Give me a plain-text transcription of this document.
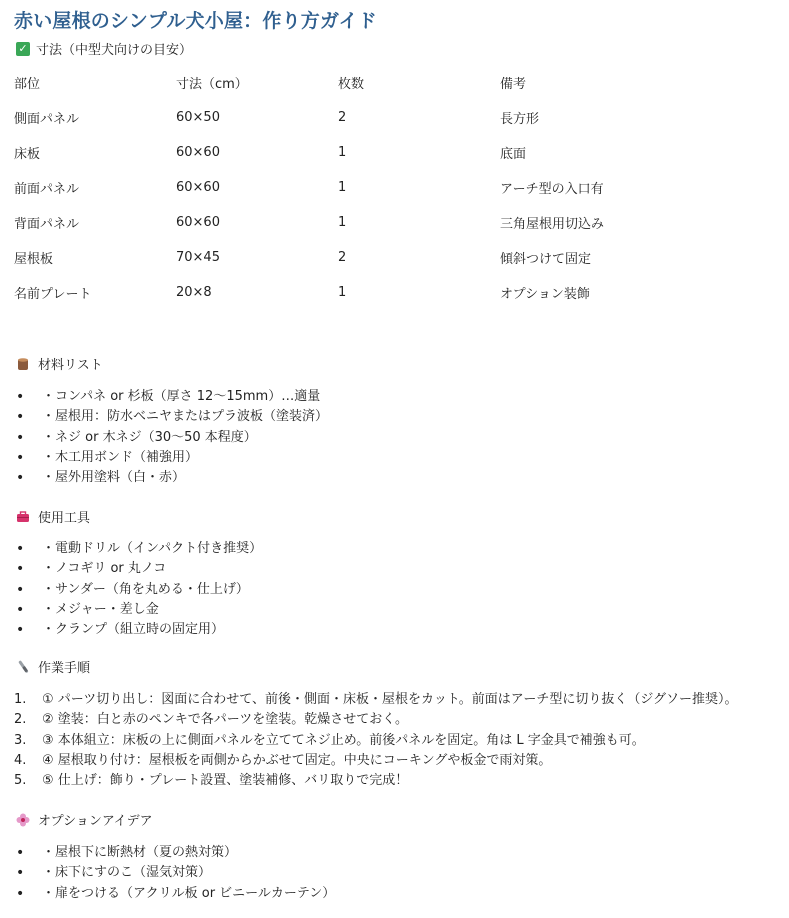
赤い屋根のシンプル犬小屋：作り方ガイド
✓ 寸法（中型犬向けの目安）
部位	寸法（cm）	枚数	備考
側面パネル	60×50	2	長方形
床板	60×60	1	底面
前面パネル	60×60	1	アーチ型の入口有
背面パネル	60×60	1	三角屋根用切込み
屋根板	70×45	2	傾斜つけて固定
名前プレート	20×8	1	オプション装飾
材料リスト
・コンパネ or 杉板（厚さ 12〜15mm）…適量
・屋根用：防水ベニヤまたはプラ波板（塗装済）
・ネジ or 木ネジ（30〜50 本程度）
・木工用ボンド（補強用）
・屋外用塗料（白・赤）
使用工具
・電動ドリル（インパクト付き推奨）
・ノコギリ or 丸ノコ
・サンダー（角を丸める・仕上げ）
・メジャー・差し金
・クランプ（組立時の固定用）
作業手順
1. ① パーツ切り出し：図面に合わせて、前後・側面・床板・屋根をカット。前面はアーチ型に切り抜く（ジグソー推奨）。
2. ② 塗装：白と赤のペンキで各パーツを塗装。乾燥させておく。
3. ③ 本体組立：床板の上に側面パネルを立ててネジ止め。前後パネルを固定。角は L 字金具で補強も可。
4. ④ 屋根取り付け：屋根板を両側からかぶせて固定。中央にコーキングや板金で雨対策。
5. ⑤ 仕上げ：飾り・プレート設置、塗装補修、バリ取りで完成！
オプションアイデア
・屋根下に断熱材（夏の熱対策）
・床下にすのこ（湿気対策）
・扉をつける（アクリル板 or ビニールカーテン）
